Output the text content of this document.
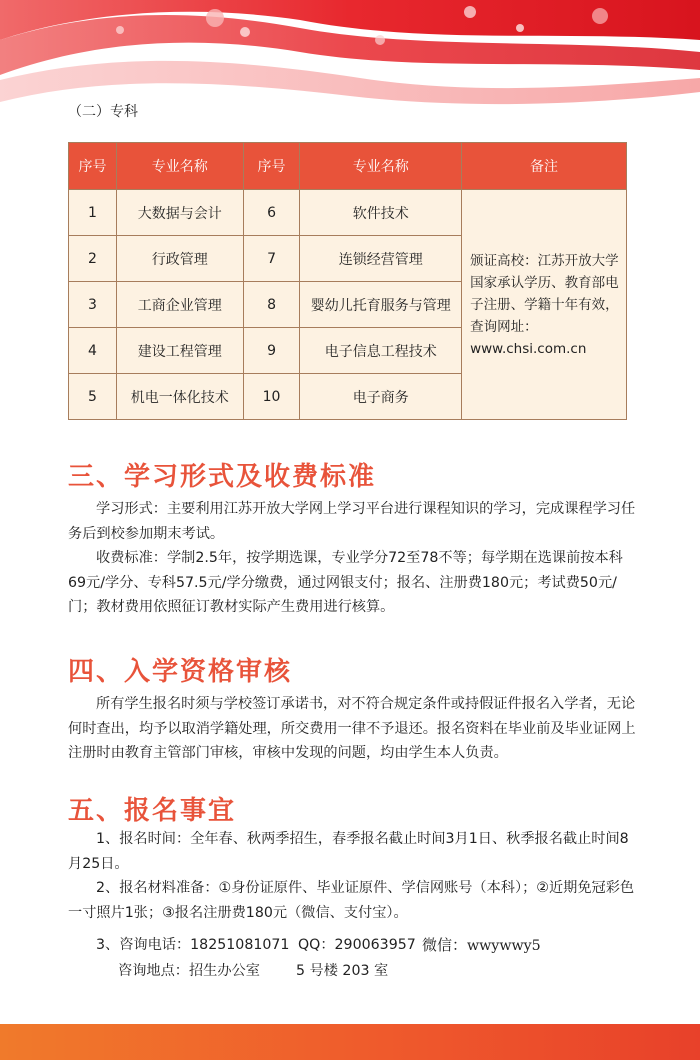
（二）专科
序号	专业名称	序号	专业名称	备注
1	大数据与会计	6	软件技术	颁证高校：江苏开放大学
国家承认学历、教育部电
子注册、学籍十年有效，
查询网址：
www.chsi.com.cn

2	行政管理	7	连锁经营管理	
3	工商企业管理	8	婴幼儿托育服务与管理	
4	建设工程管理	9	电子信息工程技术	
5	机电一体化技术	10	电子商务	
三、学习形式及收费标准

学习形式：主要利用江苏开放大学网上学习平台进行课程知识的学习，完成课程学习任务后到校参加期末考试。

收费标准：学制2.5年，按学期选课，专业学分72至78不等；每学期在选课前按本科69元/学分、专科57.5元/学分缴费，通过网银支付；报名、注册费180元；考试费50元/门；教材费用依照征订教材实际产生费用进行核算。

四、入学资格审核

所有学生报名时须与学校签订承诺书，对不符合规定条件或持假证件报名入学者，无论何时查出，均予以取消学籍处理，所交费用一律不予退还。报名资料在毕业前及毕业证网上注册时由教育主管部门审核，审核中发现的问题，均由学生本人负责。

五、报名事宜

1、报名时间：全年春、秋两季招生，春季报名截止时间3月1日、秋季报名截止时间8月25日。

2、报名材料准备：①身份证原件、毕业证原件、学信网账号（本科）；②近期免冠彩色一寸照片1张；③报名注册费180元（微信、支付宝）。

3、咨询电话：18251081071 QQ：290063957 微信：wwywwy5
咨询地点：招生办公室	5 号楼 203 室
